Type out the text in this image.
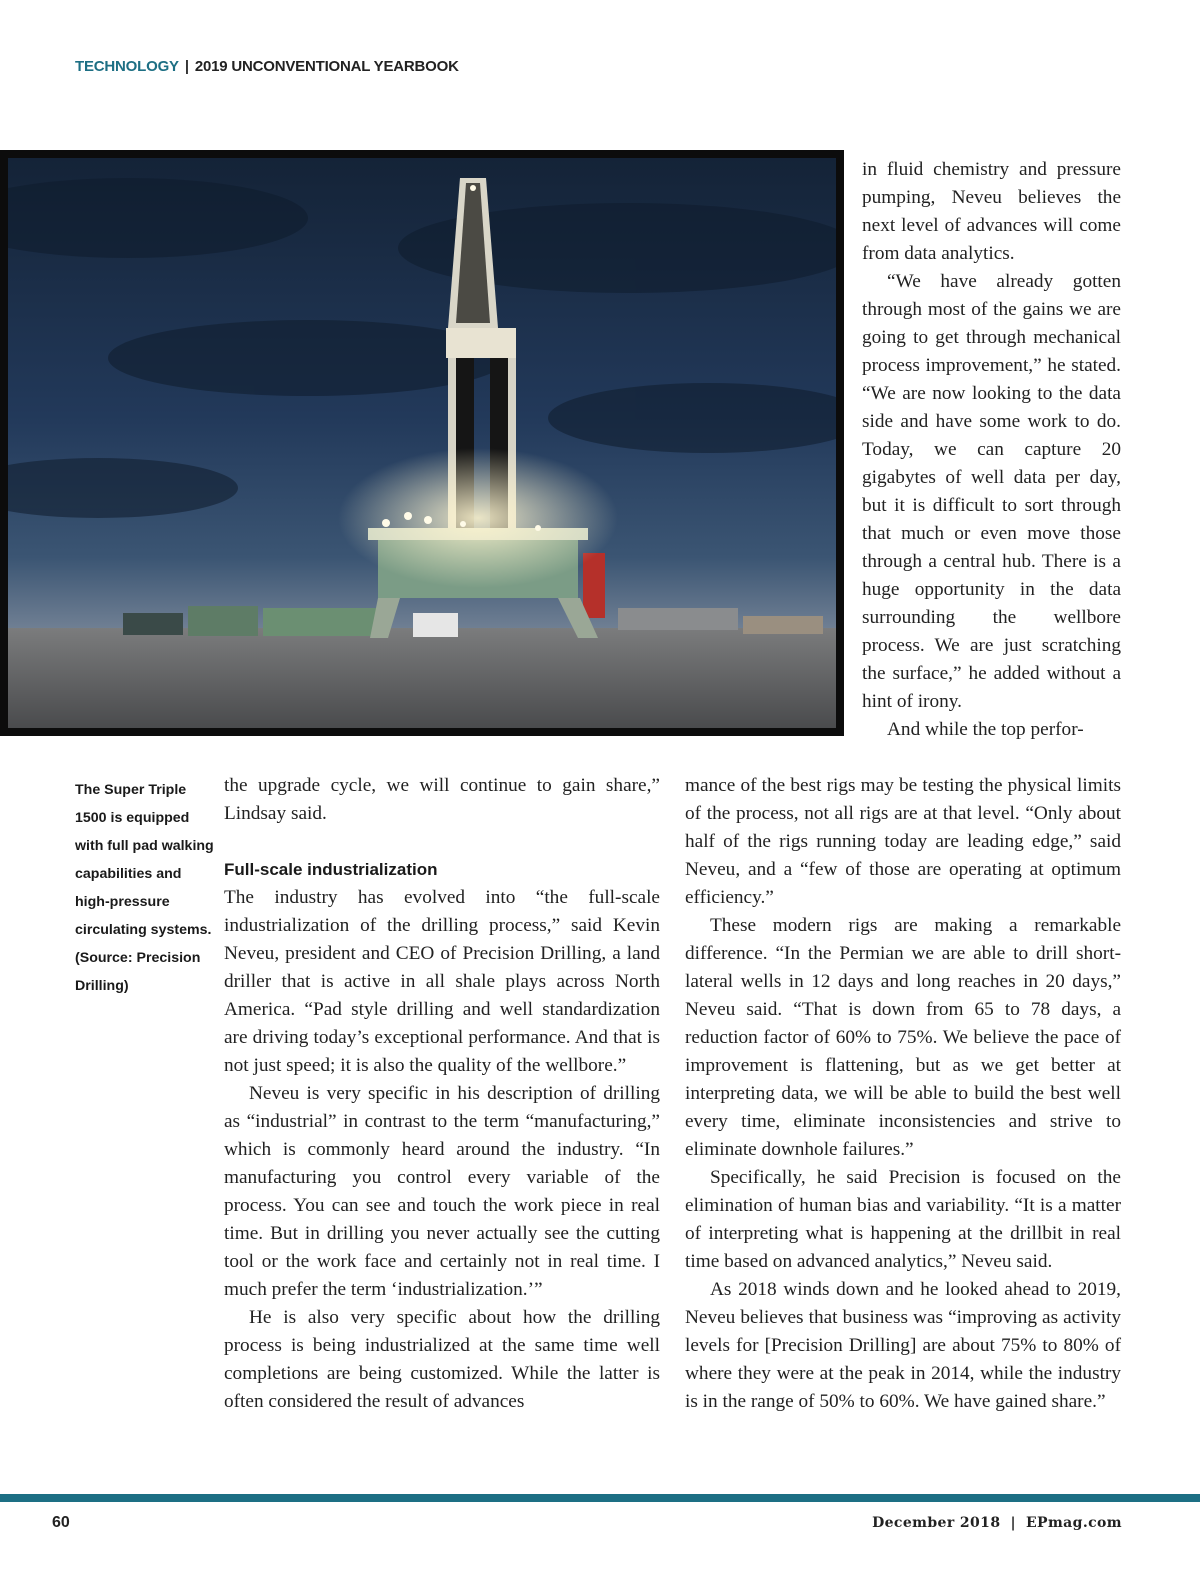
TECHNOLOGY | 2019 UNCONVENTIONAL YEARBOOK
The Super Triple 1500 is equipped with full pad walking capabilities and high-pressure circulating systems. (Source: Precision Drilling)

in fluid chemistry and pressure pumping, Neveu believes the next level of advances will come from data analytics.

“We have already gotten through most of the gains we are going to get through mechanical process improvement,” he stated. “We are now looking to the data side and have some work to do. Today, we can capture 20 gigabytes of well data per day, but it is difficult to sort through that much or even move those through a central hub. There is a huge opportunity in the data surrounding the wellbore process. We are just scratching the surface,” he added without a hint of irony.

And while the top perfor-

the upgrade cycle, we will continue to gain share,” Lindsay said.

Full-scale industrialization

The industry has evolved into “the full-scale industrialization of the drilling process,” said Kevin Neveu, president and CEO of Precision Drilling, a land driller that is active in all shale plays across North America. “Pad style drilling and well standardization are driving today’s exceptional performance. And that is not just speed; it is also the quality of the wellbore.”

Neveu is very specific in his description of drilling as “industrial” in contrast to the term “manufacturing,” which is commonly heard around the industry. “In manufacturing you control every variable of the process. You can see and touch the work piece in real time. But in drilling you never actually see the cutting tool or the work face and certainly not in real time. I much prefer the term ‘industrialization.’”

He is also very specific about how the drilling process is being industrialized at the same time well completions are being customized. While the latter is often considered the result of advances

mance of the best rigs may be testing the physical limits of the process, not all rigs are at that level. “Only about half of the rigs running today are leading edge,” said Neveu, and a “few of those are operating at optimum efficiency.”

These modern rigs are making a remarkable difference. “In the Permian we are able to drill short-lateral wells in 12 days and long reaches in 20 days,” Neveu said. “That is down from 65 to 78 days, a reduction factor of 60% to 75%. We believe the pace of improvement is flattening, but as we get better at interpreting data, we will be able to build the best well every time, eliminate inconsistencies and strive to eliminate downhole failures.”

Specifically, he said Precision is focused on the elimination of human bias and variability. “It is a matter of interpreting what is happening at the drillbit in real time based on advanced analytics,” Neveu said.

As 2018 winds down and he looked ahead to 2019, Neveu believes that business was “improving as activity levels for [Precision Drilling] are about 75% to 80% of where they were at the peak in 2014, while the industry is in the range of 50% to 60%. We have gained share.”

60	December 2018 | EPmag.com
